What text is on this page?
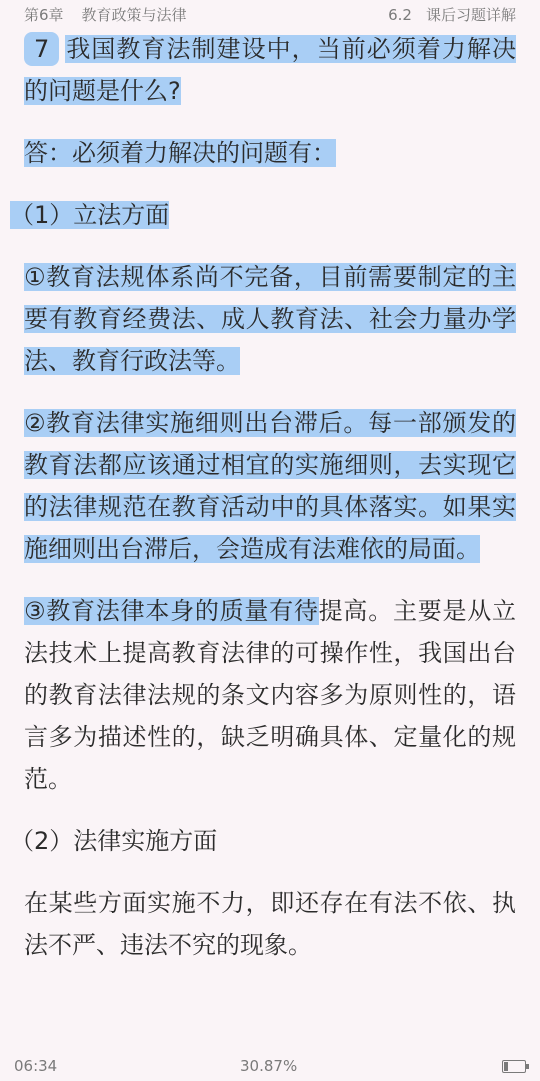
第6章 教育政策与法律	6.2 课后习题详解

7 我国教育法制建设中，当前必须着力解决的问题是什么?

答：必须着力解决的问题有：

（1）立法方面

①教育法规体系尚不完备，目前需要制定的主要有教育经费法、成人教育法、社会力量办学法、教育行政法等。

②教育法律实施细则出台滞后。每一部颁发的教育法都应该通过相宜的实施细则，去实现它的法律规范在教育活动中的具体落实。如果实施细则出台滞后，会造成有法难依的局面。

③教育法律本身的质量有待提高。主要是从立法技术上提高教育法律的可操作性，我国出台的教育法律法规的条文内容多为原则性的，语言多为描述性的，缺乏明确具体、定量化的规范。

（2）法律实施方面

在某些方面实施不力，即还存在有法不依、执法不严、违法不究的现象。

06:34	30.87%
